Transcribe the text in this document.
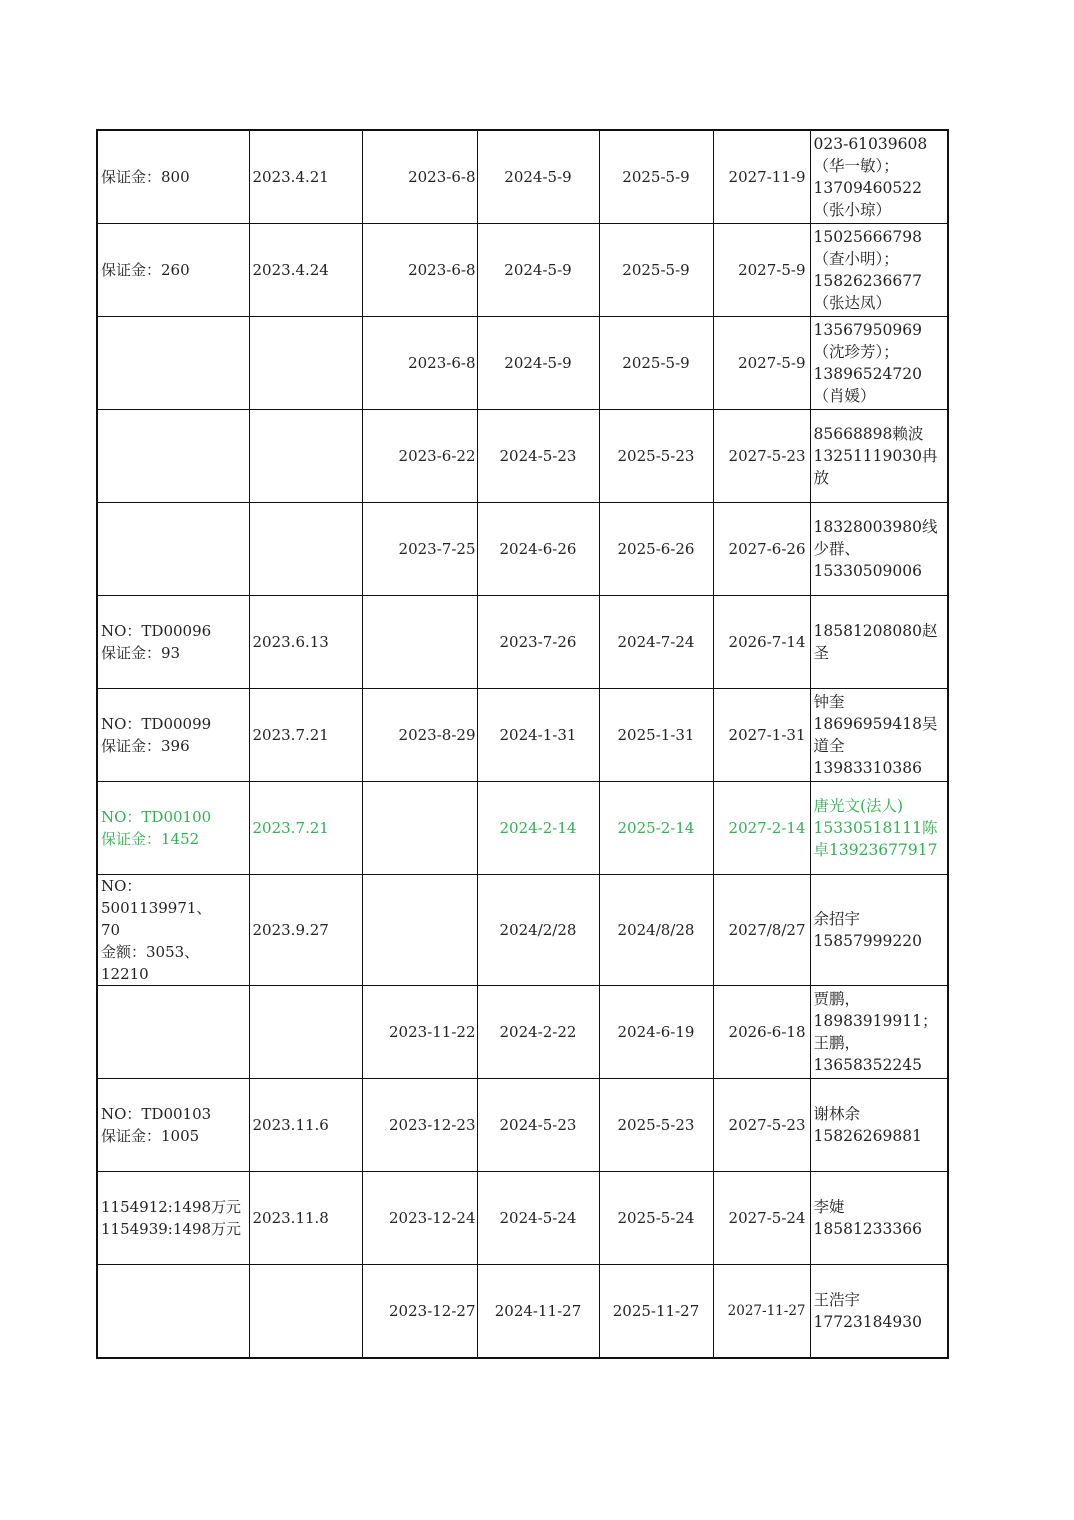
保证金：800	2023.4.21	2023-6-8	2024-5-9	2025-5-9	2027-11-9	023-61039608
（华一敏）；
13709460522
（张小琼）
保证金：260	2023.4.24	2023-6-8	2024-5-9	2025-5-9	2027-5-9	15025666798
（查小明）；
15826236677
（张达凤）
		2023-6-8	2024-5-9	2025-5-9	2027-5-9	13567950969
（沈珍芳）；
13896524720
（肖媛）
		2023-6-22	2024-5-23	2025-5-23	2027-5-23	85668898赖波
13251119030冉
放
		2023-7-25	2024-6-26	2025-6-26	2027-6-26	18328003980线
少群、
15330509006
NO：TD00096
保证金：93	2023.6.13		2023-7-26	2024-7-24	2026-7-14	18581208080赵
圣
NO：TD00099
保证金：396	2023.7.21	2023-8-29	2024-1-31	2025-1-31	2027-1-31	钟奎
18696959418吴
道全
13983310386
NO：TD00100
保证金：1452	2023.7.21		2024-2-14	2025-2-14	2027-2-14	唐光文(法人)
15330518111陈
卓13923677917
NO：5001139971、
70
金额：3053、
12210	2023.9.27		2024/2/28	2024/8/28	2027/8/27	余招宇
15857999220
		2023-11-22	2024-2-22	2024-6-19	2026-6-18	贾鹏，
18983919911；
王鹏，
13658352245
NO：TD00103
保证金：1005	2023.11.6	2023-12-23	2024-5-23	2025-5-23	2027-5-23	谢林余
15826269881
1154912:1498万元
1154939:1498万元	2023.11.8	2023-12-24	2024-5-24	2025-5-24	2027-5-24	李婕
18581233366
		2023-12-27	2024-11-27	2025-11-27	2027-11-27	王浩宇
17723184930
